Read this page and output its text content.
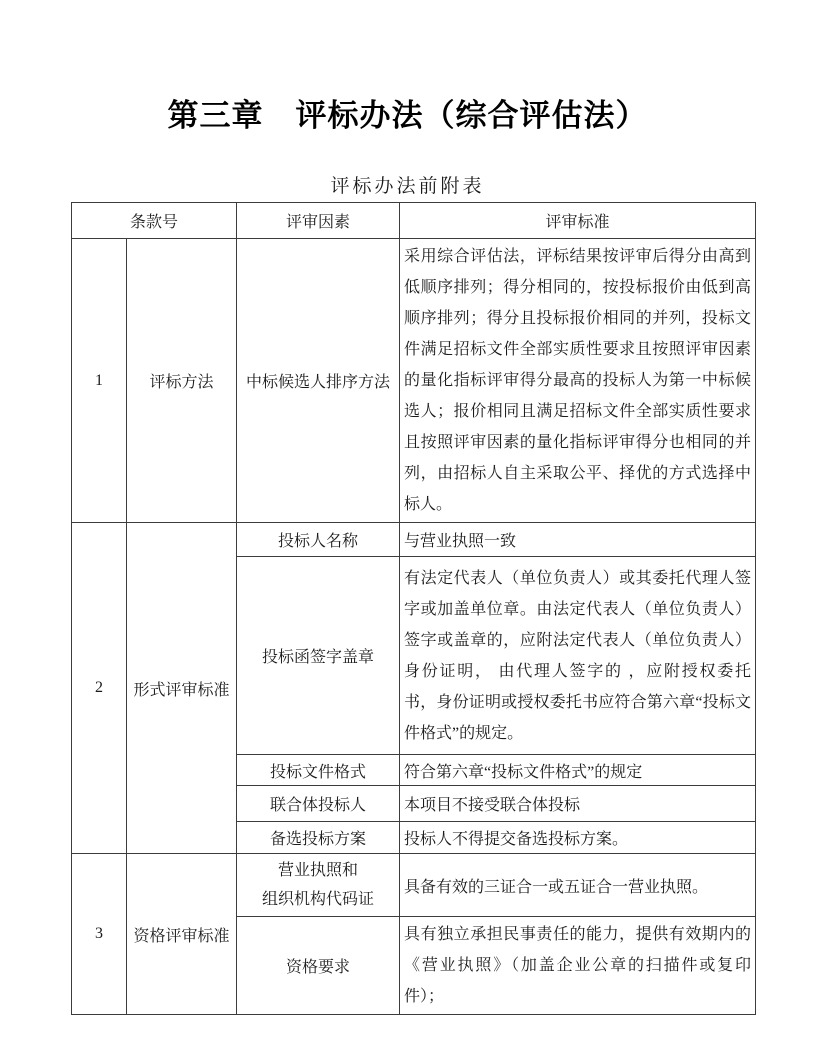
第三章　评标办法（综合评估法）
评标办法前附表
条款号		评审因素	评审标准
1	评标方法	中标候选人排序方法	采用综合评估法，评标结果按评审后得分由高到低顺序排列；得分相同的，按投标报价由低到高顺序排列；得分且投标报价相同的并列，投标文件满足招标文件全部实质性要求且按照评审因素的量化指标评审得分最高的投标人为第一中标候选人；报价相同且满足招标文件全部实质性要求且按照评审因素的量化指标评审得分也相同的并列，由招标人自主采取公平、择优的方式选择中标人。
2	形式评审标准	投标人名称	与营业执照一致
		投标函签字盖章	有法定代表人（单位负责人）或其委托代理人签字或加盖单位章。由法定代表人（单位负责人）签字或盖章的，应附法定代表人（单位负责人） 身份证明， 由代理人签字的 ，应附授权委托 书，身份证明或授权委托书应符合第六章“投标文件格式”的规定。
		投标文件格式	符合第六章“投标文件格式”的规定
		联合体投标人	本项目不接受联合体投标
		备选投标方案	投标人不得提交备选投标方案。
3	资格评审标准	营业执照和
组织机构代码证	具备有效的三证合一或五证合一营业执照。
		资格要求	具有独立承担民事责任的能力，提供有效期内的《营业执照》（加盖企业公章的扫描件或复印件）；
